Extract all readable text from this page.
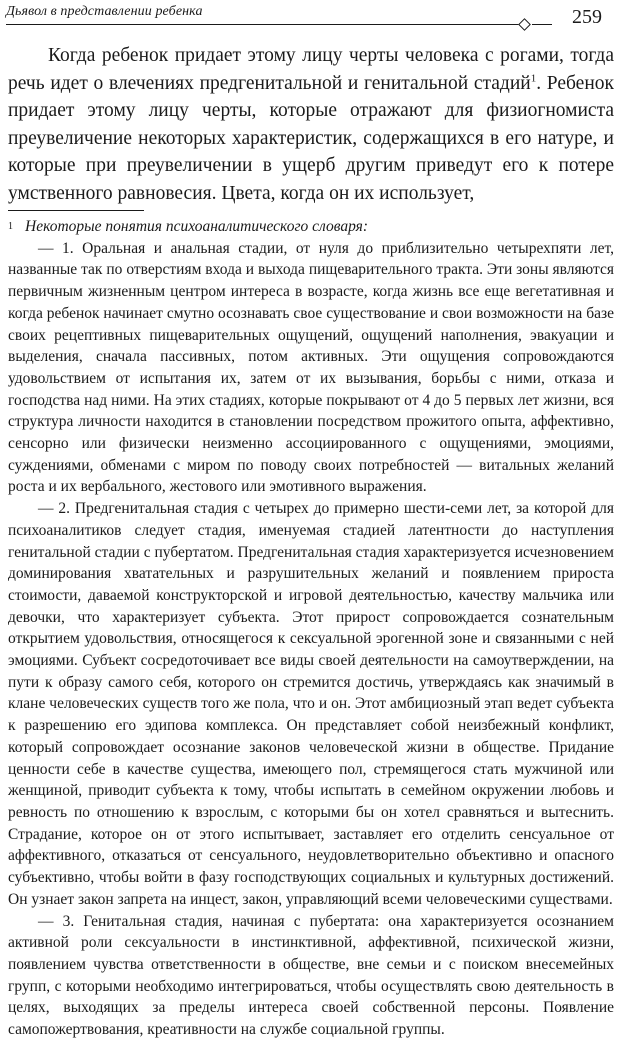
Дьявол в представлении ребенка	259

Когда ребенок придает этому лицу черты человека с рогами, тогда речь идет о влечениях предгенитальной и генитальной стадий$^1$. Ребенок придает этому лицу черты, которые отражают для физиогномиста преувеличение некоторых характеристик, содержащихся в его натуре, и которые при преувеличении в ущерб другим приведут его к потере умственного равновесия. Цвета, когда он их использует,

$^1$ Некоторые понятия психоаналитического словаря:

— 1. Оральная и анальная стадии, от нуля до приблизительно четырехпяти лет, названные так по отверстиям входа и выхода пищеварительного тракта. Эти зоны являются первичным жизненным центром интереса в возрасте, когда жизнь все еще вегетативная и когда ребенок начинает смутно осознавать свое существование и свои возможности на базе своих рецептивных пищеварительных ощущений, ощущений наполнения, эвакуации и выделения, сначала пассивных, потом активных. Эти ощущения сопровождаются удовольствием от испытания их, затем от их вызывания, борьбы с ними, отказа и господства над ними. На этих стадиях, которые покрывают от 4 до 5 первых лет жизни, вся структура личности находится в становлении посредством прожитого опыта, аффективно, сенсорно или физически неизменно ассоциированного с ощущениями, эмоциями, суждениями, обменами с миром по поводу своих потребностей — витальных желаний роста и их вербального, жестового или эмотивного выражения.

— 2. Предгенитальная стадия с четырех до примерно шести-семи лет, за которой для психоаналитиков следует стадия, именуемая стадией латентности до наступления генитальной стадии с пубертатом. Предгенитальная стадия характеризуется исчезновением доминирования хватательных и разрушительных желаний и появлением прироста стоимости, даваемой конструкторской и игровой деятельностью, качеству мальчика или девочки, что характеризует субъекта. Этот прирост сопровождается сознательным открытием удовольствия, относящегося к сексуальной эрогенной зоне и связанными с ней эмоциями. Субъект сосредоточивает все виды своей деятельности на самоутверждении, на пути к образу самого себя, которого он стремится достичь, утверждаясь как значимый в клане человеческих существ того же пола, что и он. Этот амбициозный этап ведет субъекта к разрешению его эдипова комплекса. Он представляет собой неизбежный конфликт, который сопровождает осознание законов человеческой жизни в обществе. Придание ценности себе в качестве существа, имеющего пол, стремящегося стать мужчиной или женщиной, приводит субъекта к тому, чтобы испытать в семейном окружении любовь и ревность по отношению к взрослым, с которыми бы он хотел сравняться и вытеснить. Страдание, которое он от этого испытывает, заставляет его отделить сенсуальное от аффективного, отказаться от сенсуального, неудовлетворительно объективно и опасного субъективно, чтобы войти в фазу господствующих социальных и культурных достижений. Он узнает закон запрета на инцест, закон, управляющий всеми человеческими существами.

— 3. Генитальная стадия, начиная с пубертата: она характеризуется осознанием активной роли сексуальности в инстинктивной, аффективной, психической жизни, появлением чувства ответственности в обществе, вне семьи и с поиском внесемейных групп, с которыми необходимо интегрироваться, чтобы осуществлять свою деятельность в целях, выходящих за пределы интереса своей собственной персоны. Появление самопожертвования, креативности на службе социальной группы.
